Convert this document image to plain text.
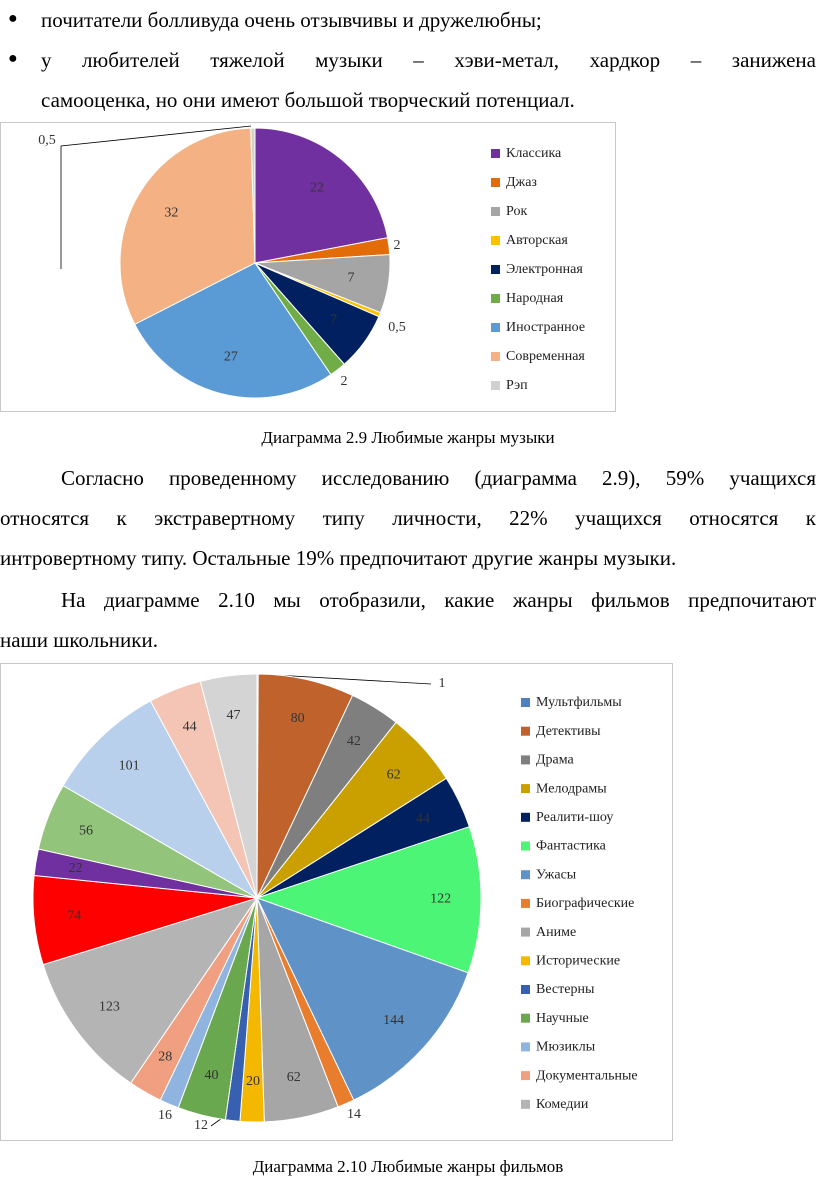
● почитатели болливуда очень отзывчивы и дружелюбны;
● у любителей тяжелой музыки – хэви-метал, хардкор – занижена
самооценка, но они имеют большой творческий потенциал.
22
2
7
0,5
7
2
27
32
0,5
Классика
Джаз
Рок
Авторская
Электронная
Народная
Иностранное
Современная
Рэп
Диаграмма 2.9 Любимые жанры музыки
Согласно проведенному исследованию (диаграмма 2.9), 59% учащихся
относятся к экстравертному типу личности, 22% учащихся относятся к
интровертному типу. Остальные 19% предпочитают другие жанры музыки.
На диаграмме 2.10 мы отобразили, какие жанры фильмов предпочитают
наши школьники.
1
80
42
62
44
122
144
14
62
20
12
40
16
28
123
74
22
56
101
44
47
Мультфильмы
Детективы
Драма
Мелодрамы
Реалити-шоу
Фантастика
Ужасы
Биографические
Аниме
Исторические
Вестерны
Научные
Мюзиклы
Документальные
Комедии
Диаграмма 2.10 Любимые жанры фильмов
